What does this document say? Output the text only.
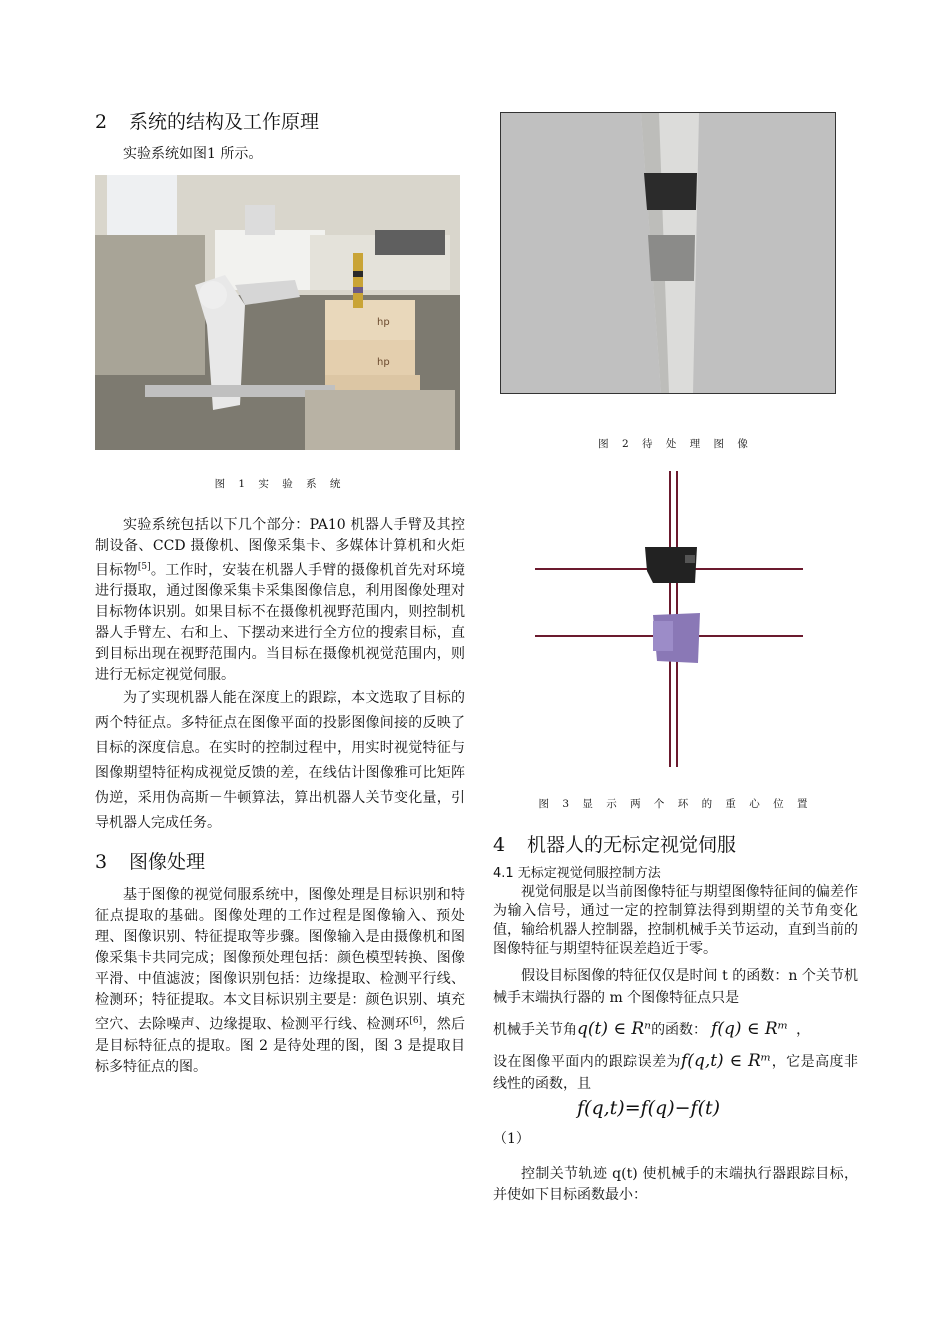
2 系统的结构及工作原理

实验系统如图1 所示。

hp
hp

图 1 实 验 系 统

实验系统包括以下几个部分：PA10 机器人手臂及其控制设备、CCD 摄像机、图像采集卡、多媒体计算机和火炬目标物[5]。工作时，安装在机器人手臂的摄像机首先对环境进行摄取，通过图像采集卡采集图像信息，利用图像处理对目标物体识别。如果目标不在摄像机视野范围内，则控制机器人手臂左、右和上、下摆动来进行全方位的搜索目标，直到目标出现在视野范围内。当目标在摄像机视觉范围内，则进行无标定视觉伺服。

为了实现机器人能在深度上的跟踪，本文选取了目标的两个特征点。多特征点在图像平面的投影图像间接的反映了目标的深度信息。在实时的控制过程中，用实时视觉特征与图像期望特征构成视觉反馈的差，在线估计图像雅可比矩阵伪逆，采用伪高斯－牛顿算法，算出机器人关节变化量，引导机器人完成任务。

3 图像处理

基于图像的视觉伺服系统中，图像处理是目标识别和特征点提取的基础。图像处理的工作过程是图像输入、预处理、图像识别、特征提取等步骤。图像输入是由摄像机和图像采集卡共同完成；图像预处理包括：颜色模型转换、图像平滑、中值滤波；图像识别包括：边缘提取、检测平行线、检测环；特征提取。本文目标识别主要是：颜色识别、填充空穴、去除噪声、边缘提取、检测平行线、检测环[6]，然后是目标特征点的提取。图 2 是待处理的图，图 3 是提取目标多特征点的图。

图 2 待 处 理 图 像

图 3 显 示 两 个 环 的 重 心 位 置

4 机器人的无标定视觉伺服
4.1 无标定视觉伺服控制方法

视觉伺服是以当前图像特征与期望图像特征间的偏差作为输入信号，通过一定的控制算法得到期望的关节角变化值，输给机器人控制器，控制机械手关节运动，直到当前的图像特征与期望特征误差趋近于零。

假设目标图像的特征仅仅是时间 t 的函数：n 个关节机械手末端执行器的 m 个图像特征点只是

机械手关节角q(t) ∈ Rⁿ的函数： f(q) ∈ Rᵐ ，

设在图像平面内的跟踪误差为f(q,t) ∈ Rᵐ，它是高度非线性的函数，且

f(q,t)=f(q)−f(t)

（1）

控制关节轨迹 q(t) 使机械手的末端执行器跟踪目标，并使如下目标函数最小：
